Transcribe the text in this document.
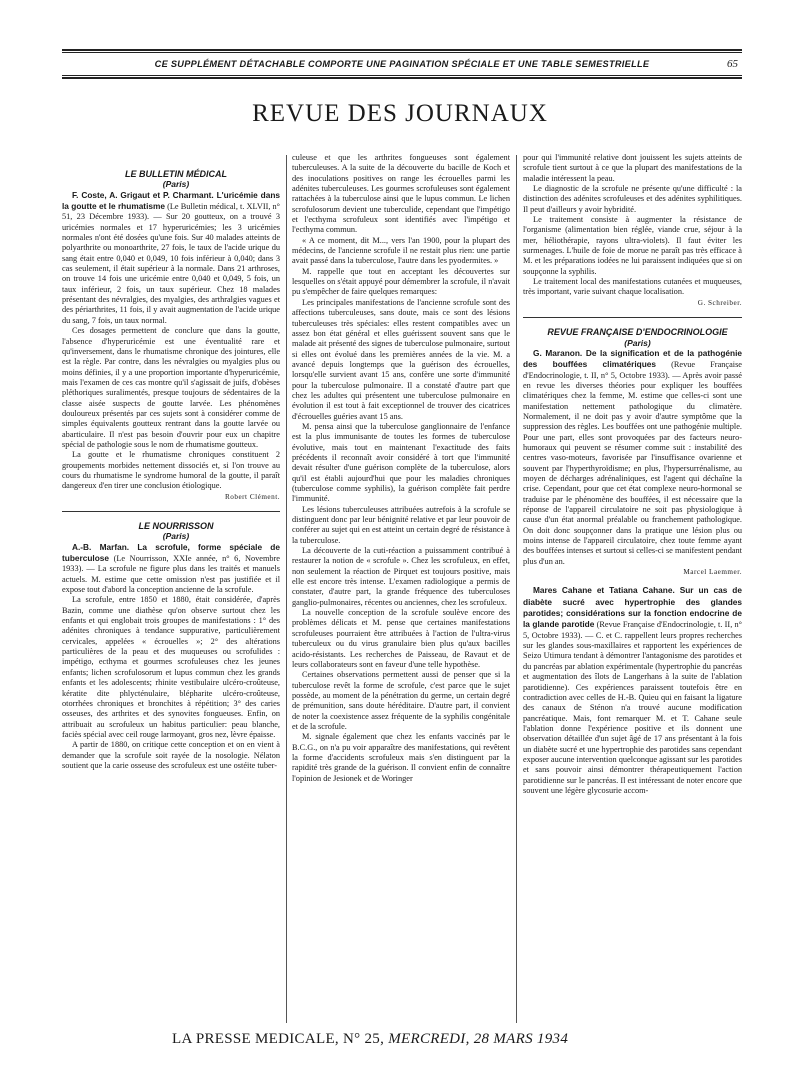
CE SUPPLÉMENT DÉTACHABLE COMPORTE UNE PAGINATION SPÉCIALE ET UNE TABLE SEMESTRIELLE	65
REVUE DES JOURNAUX

LE BULLETIN MÉDICAL

(Paris)

F. Coste, A. Grigaut et P. Charmant. L'uricémie dans la goutte et le rhumatisme (Le Bulletin médical, t. XLVII, n° 51, 23 Décembre 1933). — Sur 20 goutteux, on a trouvé 3 uricémies normales et 17 hyperuricémies; les 3 uricémies normales n'ont été dosées qu'une fois. Sur 40 malades atteints de polyarthrite ou monoarthrite, 27 fois, le taux de l'acide urique du sang était entre 0,040 et 0,049, 10 fois inférieur à 0,040; dans 3 cas seulement, il était supérieur à la normale. Dans 21 arthroses, on trouve 14 fois une uricémie entre 0,040 et 0,049, 5 fois, un taux inférieur, 2 fois, un taux supérieur. Chez 18 malades présentant des névralgies, des myalgies, des arthralgies vagues et des périarthrites, 11 fois, il y avait augmentation de l'acide urique du sang, 7 fois, un taux normal.

Ces dosages permettent de conclure que dans la goutte, l'absence d'hyperuricémie est une éventualité rare et qu'inversement, dans le rhumatisme chronique des jointures, elle est la règle. Par contre, dans les névralgies ou myalgies plus ou moins définies, il y a une proportion importante d'hyperuricémie, mais l'examen de ces cas montre qu'il s'agissait de juifs, d'obèses pléthoriques suralimentés, presque toujours de sédentaires de la classe aisée suspects de goutte larvée. Les phénomènes douloureux présentés par ces sujets sont à considérer comme de simples équivalents goutteux rentrant dans la goutte larvée ou abarticulaire. Il n'est pas besoin d'ouvrir pour eux un chapitre spécial de pathologie sous le nom de rhumatisme goutteux.

La goutte et le rhumatisme chroniques constituent 2 groupements morbides nettement dissociés et, si l'on trouve au cours du rhumatisme le syndrome humoral de la goutte, il paraît dangereux d'en tirer une conclusion étiologique.

Robert Clément.

LE NOURRISSON

(Paris)

A.-B. Marfan. La scrofule, forme spéciale de tuberculose (Le Nourrisson, XXIe année, n° 6, Novembre 1933). — La scrofule ne figure plus dans les traités et manuels actuels. M. estime que cette omission n'est pas justifiée et il expose tout d'abord la conception ancienne de la scrofule.

La scrofule, entre 1850 et 1880, était considérée, d'après Bazin, comme une diathèse qu'on observe surtout chez les enfants et qui englobait trois groupes de manifestations : 1° des adénites chroniques à tendance suppurative, particulièrement cervicales, appelées « écrouelles »; 2° des altérations particulières de la peau et des muqueuses ou scrofulides : impétigo, ecthyma et gourmes scrofuleuses chez les jeunes enfants; lichen scrofulosorum et lupus commun chez les grands enfants et les adolescents; rhinite vestibulaire ulcéro-croûteuse, kératite dite phlycténulaire, blépharite ulcéro-croûteuse, otorrhées chroniques et bronchites à répétition; 3° des caries osseuses, des arthrites et des synovites fongueuses. Enfin, on attribuait au scrofuleux un habitus particulier: peau blanche, faciès spécial avec ceil rouge larmoyant, gros nez, lèvre épaisse.

A partir de 1880, on critique cette conception et on en vient à demander que la scrofule soit rayée de la nosologie. Nélaton soutient que la carie osseuse des scrofuleux est une ostéite tuber-

culeuse et que les arthrites fongueuses sont également tuberculeuses. A la suite de la découverte du bacille de Koch et des inoculations positives on range les écrouelles parmi les adénites tuberculeuses. Les gourmes scrofuleuses sont également rattachées à la tuberculose ainsi que le lupus commun. Le lichen scrofulosorum devient une tuberculide, cependant que l'impétigo et l'ecthyma scrofuleux sont identifiés avec l'impétigo et l'ecthyma commun.

« A ce moment, dit M..., vers l'an 1900, pour la plupart des médecins, de l'ancienne scrofule il ne restait plus rien: une partie avait passé dans la tuberculose, l'autre dans les pyodermites. »

M. rappelle que tout en acceptant les découvertes sur lesquelles on s'était appuyé pour démembrer la scrofule, il n'avait pu s'empêcher de faire quelques remarques:

Les principales manifestations de l'ancienne scrofule sont des affections tuberculeuses, sans doute, mais ce sont des lésions tuberculeuses très spéciales: elles restent compatibles avec un assez bon état général et elles guérissent souvent sans que le malade ait présenté des signes de tuberculose pulmonaire, surtout si elles ont évolué dans les premières années de la vie. M. a avancé depuis longtemps que la guérison des écrouelles, lorsqu'elle survient avant 15 ans, confère une sorte d'immunité pour la tuberculose pulmonaire. Il a constaté d'autre part que chez les adultes qui présentent une tuberculose pulmonaire en évolution il est tout à fait exceptionnel de trouver des cicatrices d'écrouelles guéries avant 15 ans.

M. pensa ainsi que la tuberculose ganglionnaire de l'enfance est la plus immunisante de toutes les formes de tuberculose évolutive, mais tout en maintenant l'exactitude des faits précédents il reconnaît avoir considéré à tort que l'immunité devait résulter d'une guérison complète de la tuberculose, alors qu'il est établi aujourd'hui que pour les maladies chroniques (tuberculose comme syphilis), la guérison complète fait perdre l'immunité.

Les lésions tuberculeuses attribuées autrefois à la scrofule se distinguent donc par leur bénignité relative et par leur pouvoir de conférer au sujet qui en est atteint un certain degré de résistance à la tuberculose.

La découverte de la cuti-réaction a puissamment contribué à restaurer la notion de « scrofule ». Chez les scrofuleux, en effet, non seulement la réaction de Pirquet est toujours positive, mais elle est encore très intense. L'examen radiologique a permis de constater, d'autre part, la grande fréquence des tuberculoses ganglio-pulmonaires, récentes ou anciennes, chez les scrofuleux.

La nouvelle conception de la scrofule soulève encore des problèmes délicats et M. pense que certaines manifestations scrofuleuses pourraient être attribuées à l'action de l'ultra-virus tuberculeux ou du virus granulaire bien plus qu'aux bacilles acido-résistants. Les recherches de Paisseau, de Ravaut et de leurs collaborateurs sont en faveur d'une telle hypothèse.

Certaines observations permettent aussi de penser que si la tuberculose revêt la forme de scrofule, c'est parce que le sujet possède, au moment de la pénétration du germe, un certain degré de prémunition, sans doute héréditaire. D'autre part, il convient de noter la coexistence assez fréquente de la syphilis congénitale et de la scrofule.

M. signale également que chez les enfants vaccinés par le B.C.G., on n'a pu voir apparaître des manifestations, qui revêtent la forme d'accidents scrofuleux mais s'en distinguent par la rapidité très grande de la guérison. Il convient enfin de connaître l'opinion de Jesionek et de Woringer

pour qui l'immunité relative dont jouissent les sujets atteints de scrofule tient surtout à ce que la plupart des manifestations de la maladie intéressent la peau.

Le diagnostic de la scrofule ne présente qu'une difficulté : la distinction des adénites scrofuleuses et des adénites syphilitiques. Il peut d'ailleurs y avoir hybridité.

Le traitement consiste à augmenter la résistance de l'organisme (alimentation bien réglée, viande crue, séjour à la mer, héliothérapie, rayons ultra-violets). Il faut éviter les surmenages. L'huile de foie de morue ne paraît pas très efficace à M. et les préparations iodées ne lui paraissent indiquées que si on soupçonne la syphilis.

Le traitement local des manifestations cutanées et muqueuses, très important, varie suivant chaque localisation.

G. Schreiber.

REVUE FRANÇAISE D'ENDOCRINOLOGIE

(Paris)

G. Maranon. De la signification et de la pathogénie des bouffées climatériques (Revue Française d'Endocrinologie, t. II, n° 5, Octobre 1933). — Après avoir passé en revue les diverses théories pour expliquer les bouffées climatériques chez la femme, M. estime que celles-ci sont une manifestation nettement pathologique du climatère. Normalement, il ne doit pas y avoir d'autre symptôme que la suppression des règles. Les bouffées ont une pathogénie multiple. Pour une part, elles sont provoquées par des facteurs neuro-humoraux qui peuvent se résumer comme suit : instabilité des centres vaso-moteurs, favorisée par l'insuffisance ovarienne et souvent par l'hyperthyroïdisme; en plus, l'hypersurrénalisme, au moyen de décharges adrénaliniques, est l'agent qui déchaîne la crise. Cependant, pour que cet état complexe neuro-hormonal se traduise par le phénomène des bouffées, il est nécessaire que la réponse de l'appareil circulatoire ne soit pas physiologique à cause d'un état anormal préalable ou franchement pathologique. On doit donc soupçonner dans la pratique une lésion plus ou moins intense de l'appareil circulatoire, chez toute femme ayant des bouffées intenses et surtout si celles-ci se manifestent pendant plus d'un an.

Marcel Laemmer.

Mares Cahane et Tatiana Cahane. Sur un cas de diabète sucré avec hypertrophie des glandes parotides; considérations sur la fonction endocrine de la glande parotide (Revue Française d'Endocrinologie, t. II, n° 5, Octobre 1933). — C. et C. rappellent leurs propres recherches sur les glandes sous-maxillaires et rapportent les expériences de Seizo Utimura tendant à démontrer l'antagonisme des parotides et du pancréas par ablation expérimentale (hypertrophie du pancréas et augmentation des îlots de Langerhans à la suite de l'ablation parotidienne). Ces expériences paraissent toutefois être en contradiction avec celles de H.-B. Quieu qui en faisant la ligature des canaux de Sténon n'a trouvé aucune modification pancréatique. Mais, font remarquer M. et T. Cahane seule l'ablation donne l'expérience positive et ils donnent une observation détaillée d'un sujet âgé de 17 ans présentant à la fois un diabète sucré et une hypertrophie des parotides sans cependant exposer aucune intervention quelconque agissant sur les parotides et sans pouvoir ainsi démontrer thérapeutiquement l'action parotidienne sur le pancréas. Il est intéressant de noter encore que souvent une légère glycosurie accom-

LA PRESSE MEDICALE, N° 25, MERCREDI, 28 MARS 1934
